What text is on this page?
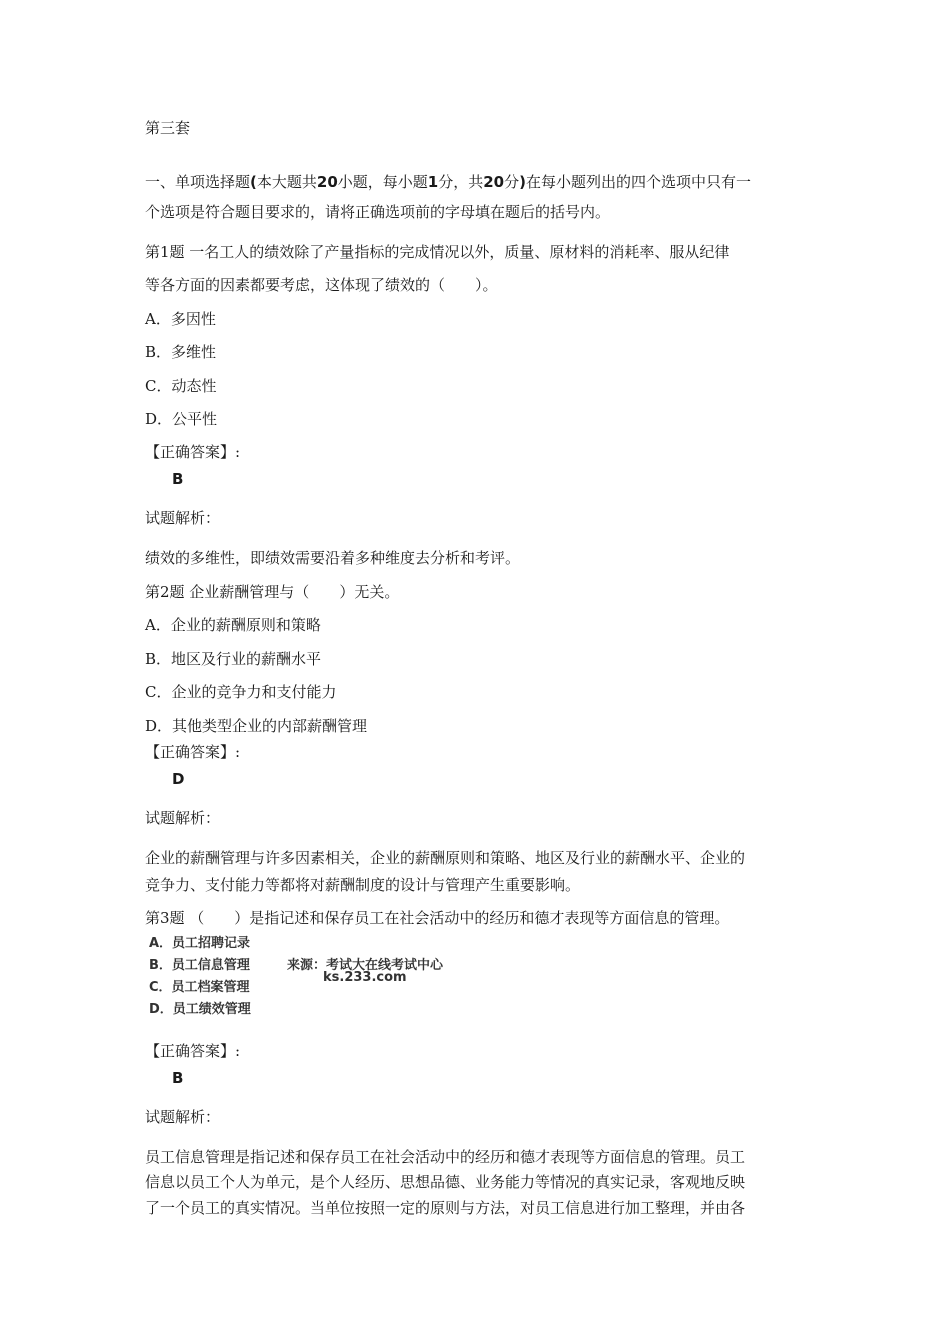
第三套
一、单项选择题(本大题共20小题，每小题1分，共20分)在每小题列出的四个选项中只有一
个选项是符合题目要求的，请将正确选项前的字母填在题后的括号内。
第1题 一名工人的绩效除了产量指标的完成情况以外，质量、原材料的消耗率、服从纪律
等各方面的因素都要考虑，这体现了绩效的（　　）。
A．多因性
B．多维性
C．动态性
D．公平性
【正确答案】:
B
试题解析：
绩效的多维性，即绩效需要沿着多种维度去分析和考评。
第2题 企业薪酬管理与（　　）无关。
A．企业的薪酬原则和策略
B．地区及行业的薪酬水平
C．企业的竞争力和支付能力
D．其他类型企业的内部薪酬管理
【正确答案】:
D
试题解析：
企业的薪酬管理与许多因素相关，企业的薪酬原则和策略、地区及行业的薪酬水平、企业的
竞争力、支付能力等都将对薪酬制度的设计与管理产生重要影响。
第3题 （　　）是指记述和保存员工在社会活动中的经历和德才表现等方面信息的管理。
A．员工招聘记录
B．员工信息管理
C．员工档案管理
D．员工绩效管理
来源：考试大在线考试中心
ks.233.com
【正确答案】:
B
试题解析：
员工信息管理是指记述和保存员工在社会活动中的经历和德才表现等方面信息的管理。员工
信息以员工个人为单元，是个人经历、思想品德、业务能力等情况的真实记录，客观地反映
了一个员工的真实情况。当单位按照一定的原则与方法，对员工信息进行加工整理，并由各
